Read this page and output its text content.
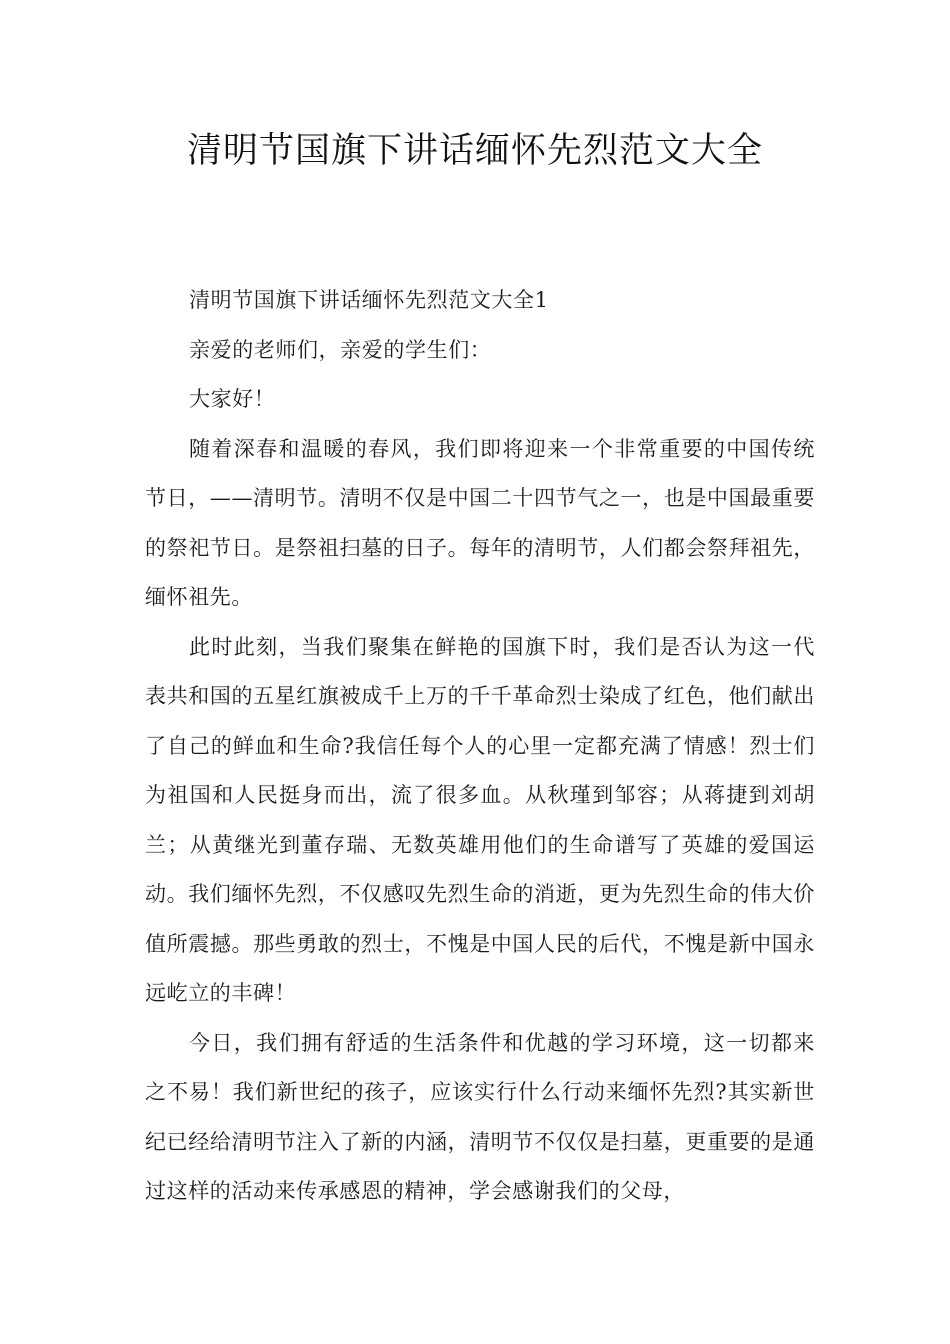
清明节国旗下讲话缅怀先烈范文大全

清明节国旗下讲话缅怀先烈范文大全1

亲爱的老师们，亲爱的学生们：

大家好！

随着深春和温暖的春风，我们即将迎来一个非常重要的中国传统节日，——清明节。清明不仅是中国二十四节气之一，也是中国最重要的祭祀节日。是祭祖扫墓的日子。每年的清明节，人们都会祭拜祖先，缅怀祖先。

此时此刻，当我们聚集在鲜艳的国旗下时，我们是否认为这一代表共和国的五星红旗被成千上万的千千革命烈士染成了红色，他们献出了自己的鲜血和生命?我信任每个人的心里一定都充满了情感！烈士们为祖国和人民挺身而出，流了很多血。从秋瑾到邹容；从蒋捷到刘胡兰；从黄继光到董存瑞、无数英雄用他们的生命谱写了英雄的爱国运动。我们缅怀先烈，不仅感叹先烈生命的消逝，更为先烈生命的伟大价值所震撼。那些勇敢的烈士，不愧是中国人民的后代，不愧是新中国永远屹立的丰碑！

今日，我们拥有舒适的生活条件和优越的学习环境，这一切都来之不易！我们新世纪的孩子，应该实行什么行动来缅怀先烈?其实新世纪已经给清明节注入了新的内涵，清明节不仅仅是扫墓，更重要的是通过这样的活动来传承感恩的精神，学会感谢我们的父母，
